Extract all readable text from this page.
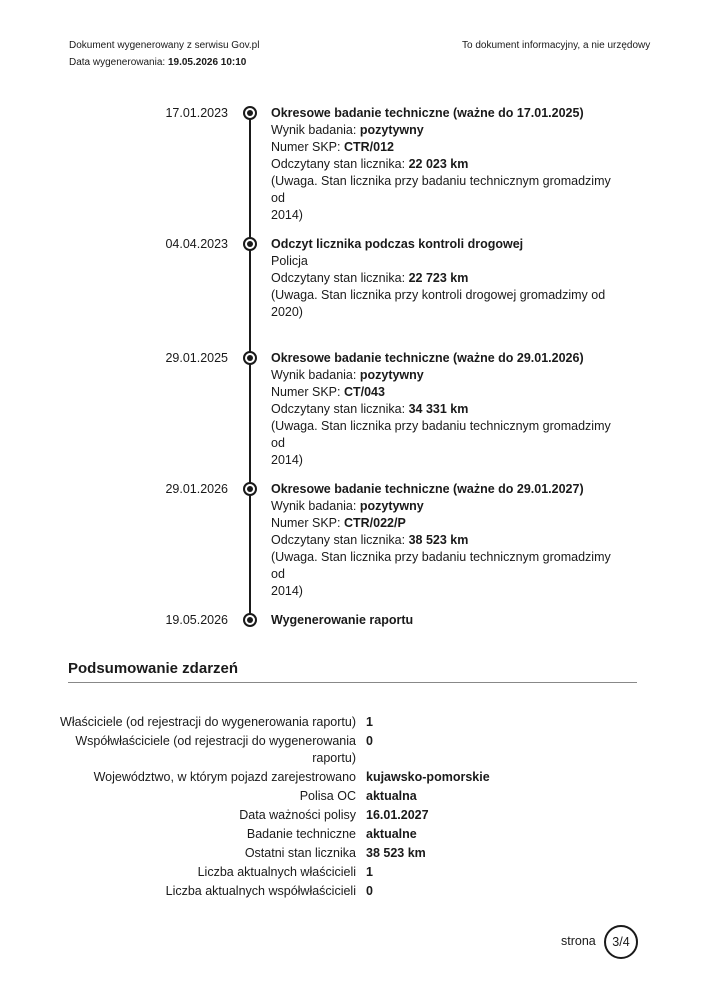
Dokument wygenerowany z serwisu Gov.pl	To dokument informacyjny, a nie urzędowy
Data wygenerowania: 19.05.2026 10:10
17.01.2023	Okresowe badanie techniczne (ważne do 17.01.2025)
Wynik badania: pozytywny
Numer SKP: CTR/012
Odczytany stan licznika: 22 023 km
(Uwaga. Stan licznika przy badaniu technicznym gromadzimy od
2014)
04.04.2023	Odczyt licznika podczas kontroli drogowej
Policja
Odczytany stan licznika: 22 723 km
(Uwaga. Stan licznika przy kontroli drogowej gromadzimy od
2020)
29.01.2025	Okresowe badanie techniczne (ważne do 29.01.2026)
Wynik badania: pozytywny
Numer SKP: CT/043
Odczytany stan licznika: 34 331 km
(Uwaga. Stan licznika przy badaniu technicznym gromadzimy od
2014)
29.01.2026	Okresowe badanie techniczne (ważne do 29.01.2027)
Wynik badania: pozytywny
Numer SKP: CTR/022/P
Odczytany stan licznika: 38 523 km
(Uwaga. Stan licznika przy badaniu technicznym gromadzimy od
2014)
19.05.2026	Wygenerowanie raportu
Podsumowanie zdarzeń
Właściciele (od rejestracji do wygenerowania raportu) 1
Współwłaściciele (od rejestracji do wygenerowania raportu)
0
Województwo, w którym pojazd zarejestrowano kujawsko-pomorskie
Polisa OC aktualna
Data ważności polisy 16.01.2027
Badanie techniczne aktualne
Ostatni stan licznika 38 523 km
Liczba aktualnych właścicieli 1
Liczba aktualnych współwłaścicieli 0
strona 3/4
